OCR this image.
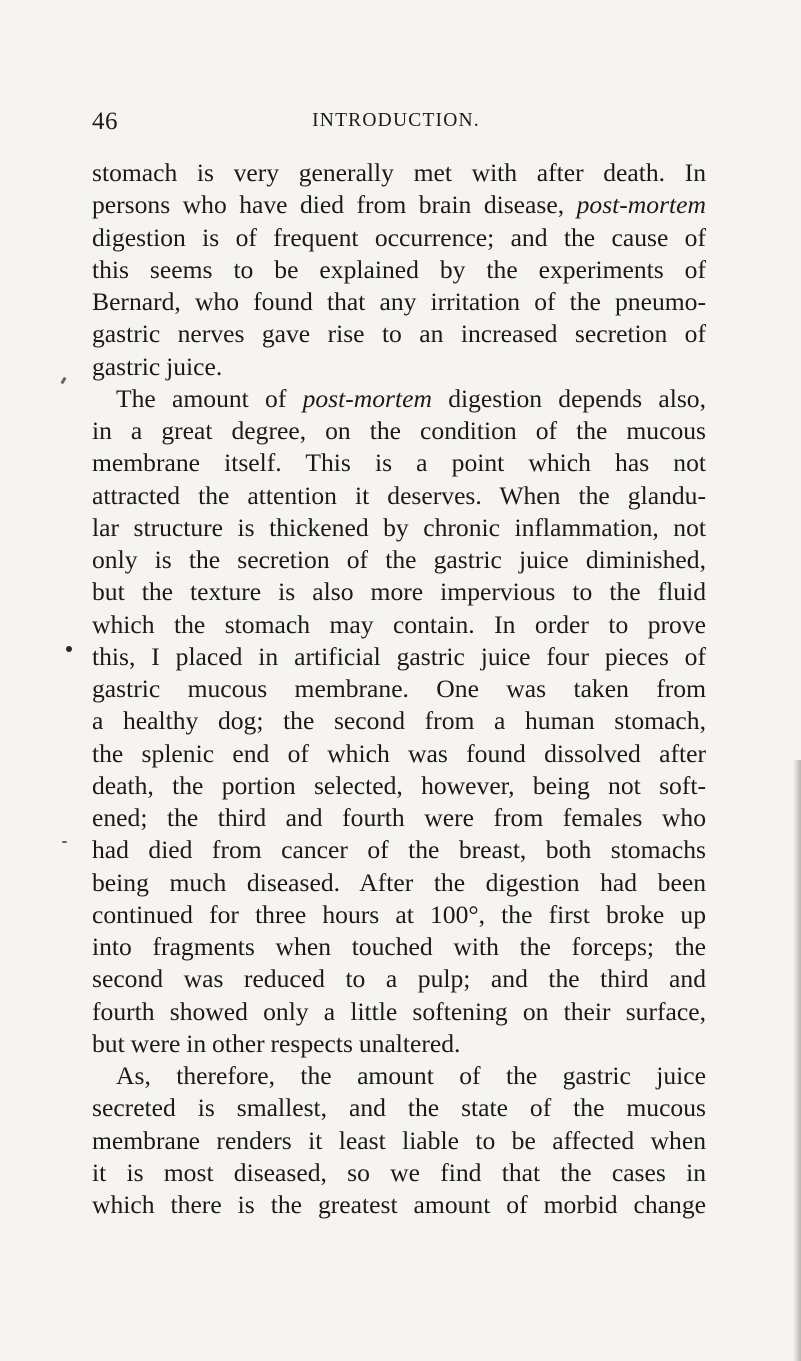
46	INTRODUCTION.
stomach is very generally met with after death. In
persons who have died from brain disease, post-mortem
digestion is of frequent occurrence; and the cause of
this seems to be explained by the experiments of
Bernard, who found that any irritation of the pneumo-
gastric nerves gave rise to an increased secretion of
gastric juice.
The amount of post-mortem digestion depends also,
in a great degree, on the condition of the mucous
membrane itself. This is a point which has not
attracted the attention it deserves. When the glandu-
lar structure is thickened by chronic inflammation, not
only is the secretion of the gastric juice diminished,
but the texture is also more impervious to the fluid
which the stomach may contain. In order to prove
this, I placed in artificial gastric juice four pieces of
gastric mucous membrane. One was taken from
a healthy dog; the second from a human stomach,
the splenic end of which was found dissolved after
death, the portion selected, however, being not soft-
ened; the third and fourth were from females who
had died from cancer of the breast, both stomachs
being much diseased. After the digestion had been
continued for three hours at 100°, the first broke up
into fragments when touched with the forceps; the
second was reduced to a pulp; and the third and
fourth showed only a little softening on their surface,
but were in other respects unaltered.
As, therefore, the amount of the gastric juice
secreted is smallest, and the state of the mucous
membrane renders it least liable to be affected when
it is most diseased, so we find that the cases in
which there is the greatest amount of morbid change
